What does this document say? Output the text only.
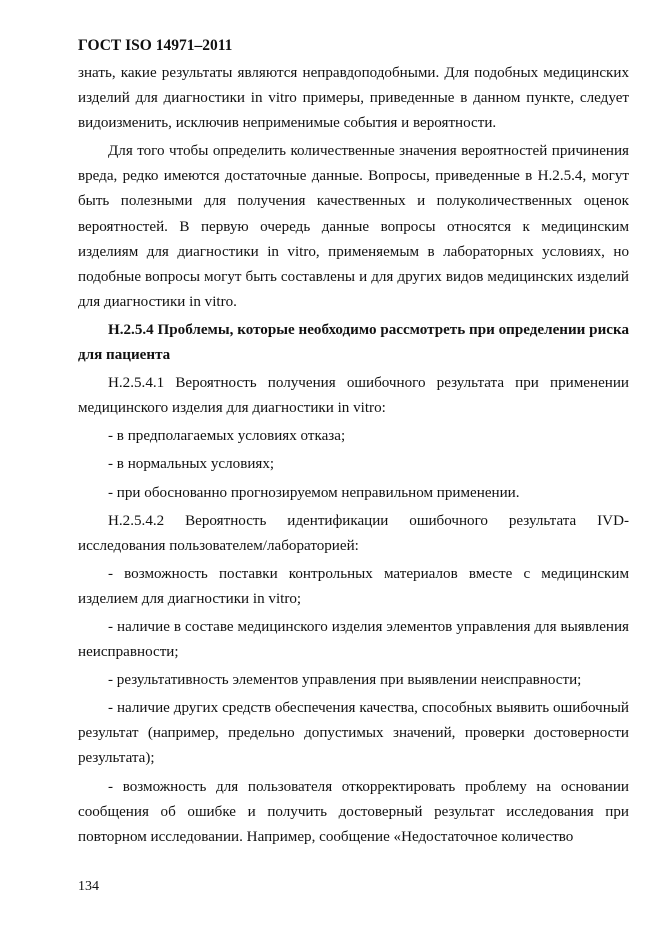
ГОСТ ISO 14971–2011

знать, какие результаты являются неправдоподобными. Для подобных медицинских изделий для диагностики in vitro примеры, приведенные в данном пункте, следует видоизменить, исключив неприменимые события и вероятности.

Для того чтобы определить количественные значения вероятностей причинения вреда, редко имеются достаточные данные. Вопросы, приведенные в Н.2.5.4, могут быть полезными для получения качественных и полуколичественных оценок вероятностей. В первую очередь данные вопросы относятся к медицинским изделиям для диагностики in vitro, применяемым в лабораторных условиях, но подобные вопросы могут быть составлены и для других видов медицинских изделий для диагностики in vitro.

Н.2.5.4 Проблемы, которые необходимо рассмотреть при определении риска для пациента

Н.2.5.4.1 Вероятность получения ошибочного результата при применении медицинского изделия для диагностики in vitro:

- в предполагаемых условиях отказа;

- в нормальных условиях;

- при обоснованно прогнозируемом неправильном применении.

Н.2.5.4.2 Вероятность идентификации ошибочного результата IVD-исследования пользователем/лабораторией:

- возможность поставки контрольных материалов вместе с медицинским изделием для диагностики in vitro;

- наличие в составе медицинского изделия элементов управления для выявления неисправности;

- результативность элементов управления при выявлении неисправности;

- наличие других средств обеспечения качества, способных выявить ошибочный результат (например, предельно допустимых значений, проверки достоверности результата);

- возможность для пользователя откорректировать проблему на основании сообщения об ошибке и получить достоверный результат исследования при повторном исследовании. Например, сообщение «Недостаточное количество

134
